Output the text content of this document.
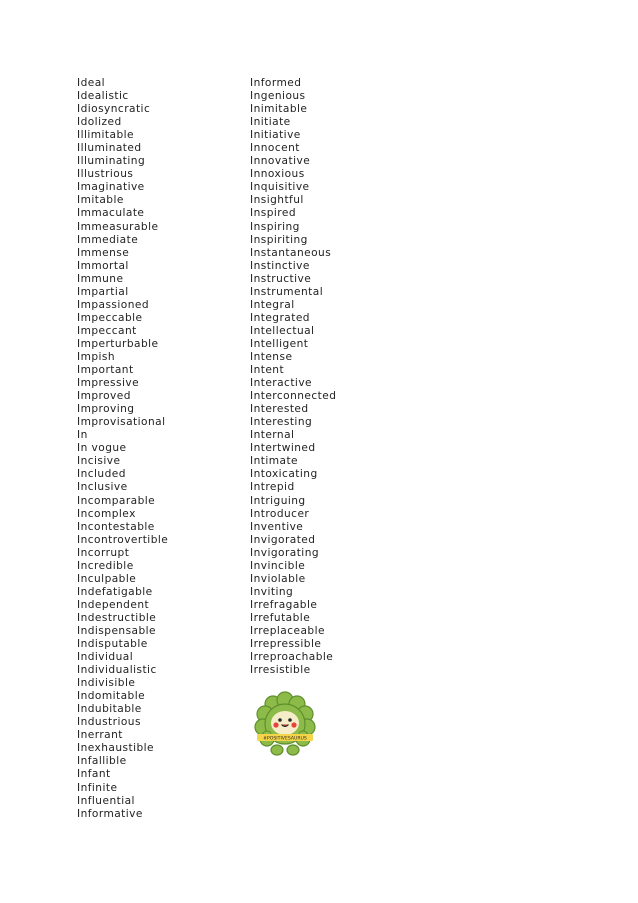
Ideal
Idealistic
Idiosyncratic
Idolized
Illimitable
Illuminated
Illuminating
Illustrious
Imaginative
Imitable
Immaculate
Immeasurable
Immediate
Immense
Immortal
Immune
Impartial
Impassioned
Impeccable
Impeccant
Imperturbable
Impish
Important
Impressive
Improved
Improving
Improvisational
In
In vogue
Incisive
Included
Inclusive
Incomparable
Incomplex
Incontestable
Incontrovertible
Incorrupt
Incredible
Inculpable
Indefatigable
Independent
Indestructible
Indispensable
Indisputable
Individual
Individualistic
Indivisible
Indomitable
Indubitable
Industrious
Inerrant
Inexhaustible
Infallible
Infant
Infinite
Influential
Informative
Informed
Ingenious
Inimitable
Initiate
Initiative
Innocent
Innovative
Innoxious
Inquisitive
Insightful
Inspired
Inspiring
Inspiriting
Instantaneous
Instinctive
Instructive
Instrumental
Integral
Integrated
Intellectual
Intelligent
Intense
Intent
Interactive
Interconnected
Interested
Interesting
Internal
Intertwined
Intimate
Intoxicating
Intrepid
Intriguing
Introducer
Inventive
Invigorated
Invigorating
Invincible
Inviolable
Inviting
Irrefragable
Irrefutable
Irreplaceable
Irrepressible
Irreproachable
Irresistible
#POSITIVESAURUS
